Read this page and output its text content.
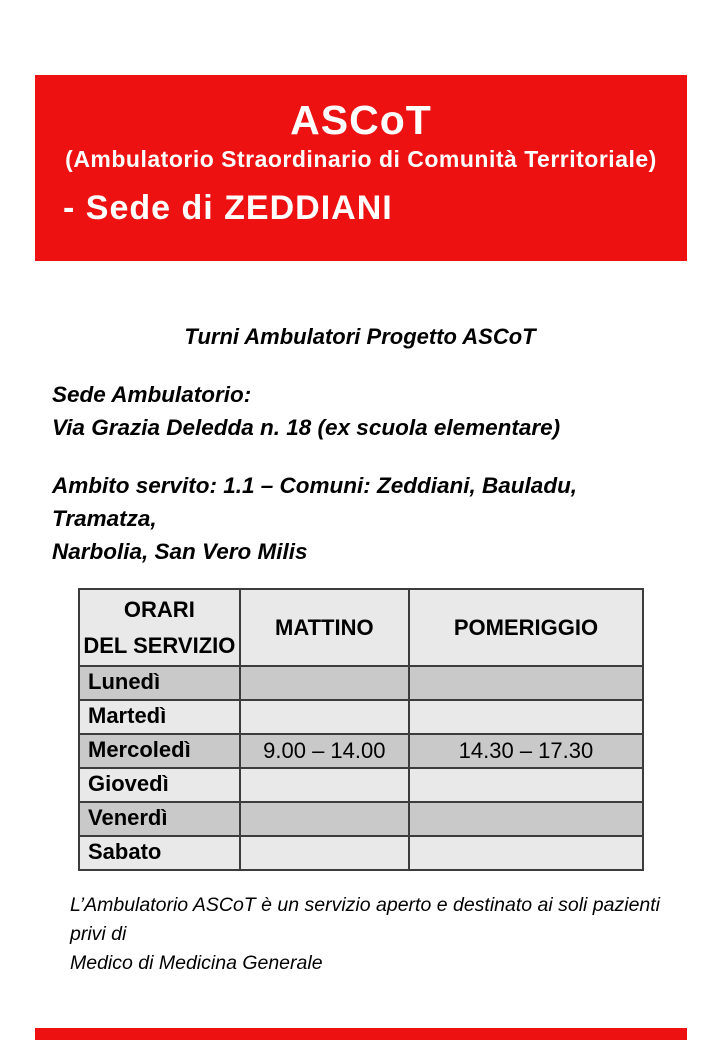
ASCoT
(Ambulatorio Straordinario di Comunità Territoriale)
- Sede di ZEDDIANI
Turni Ambulatori Progetto ASCoT

Sede Ambulatorio:
Via Grazia Deledda n. 18 (ex scuola elementare)

Ambito servito: 1.1 – Comuni: Zeddiani, Bauladu, Tramatza,
Narbolia, San Vero Milis

ORARI
DEL SERVIZIO	MATTINO	POMERIGGIO
Lunedì		
Martedì		
Mercoledì	9.00 – 14.00	14.30 – 17.30
Giovedì		
Venerdì		
Sabato		

L’Ambulatorio ASCoT è un servizio aperto e destinato ai soli pazienti privi di
Medico di Medicina Generale
